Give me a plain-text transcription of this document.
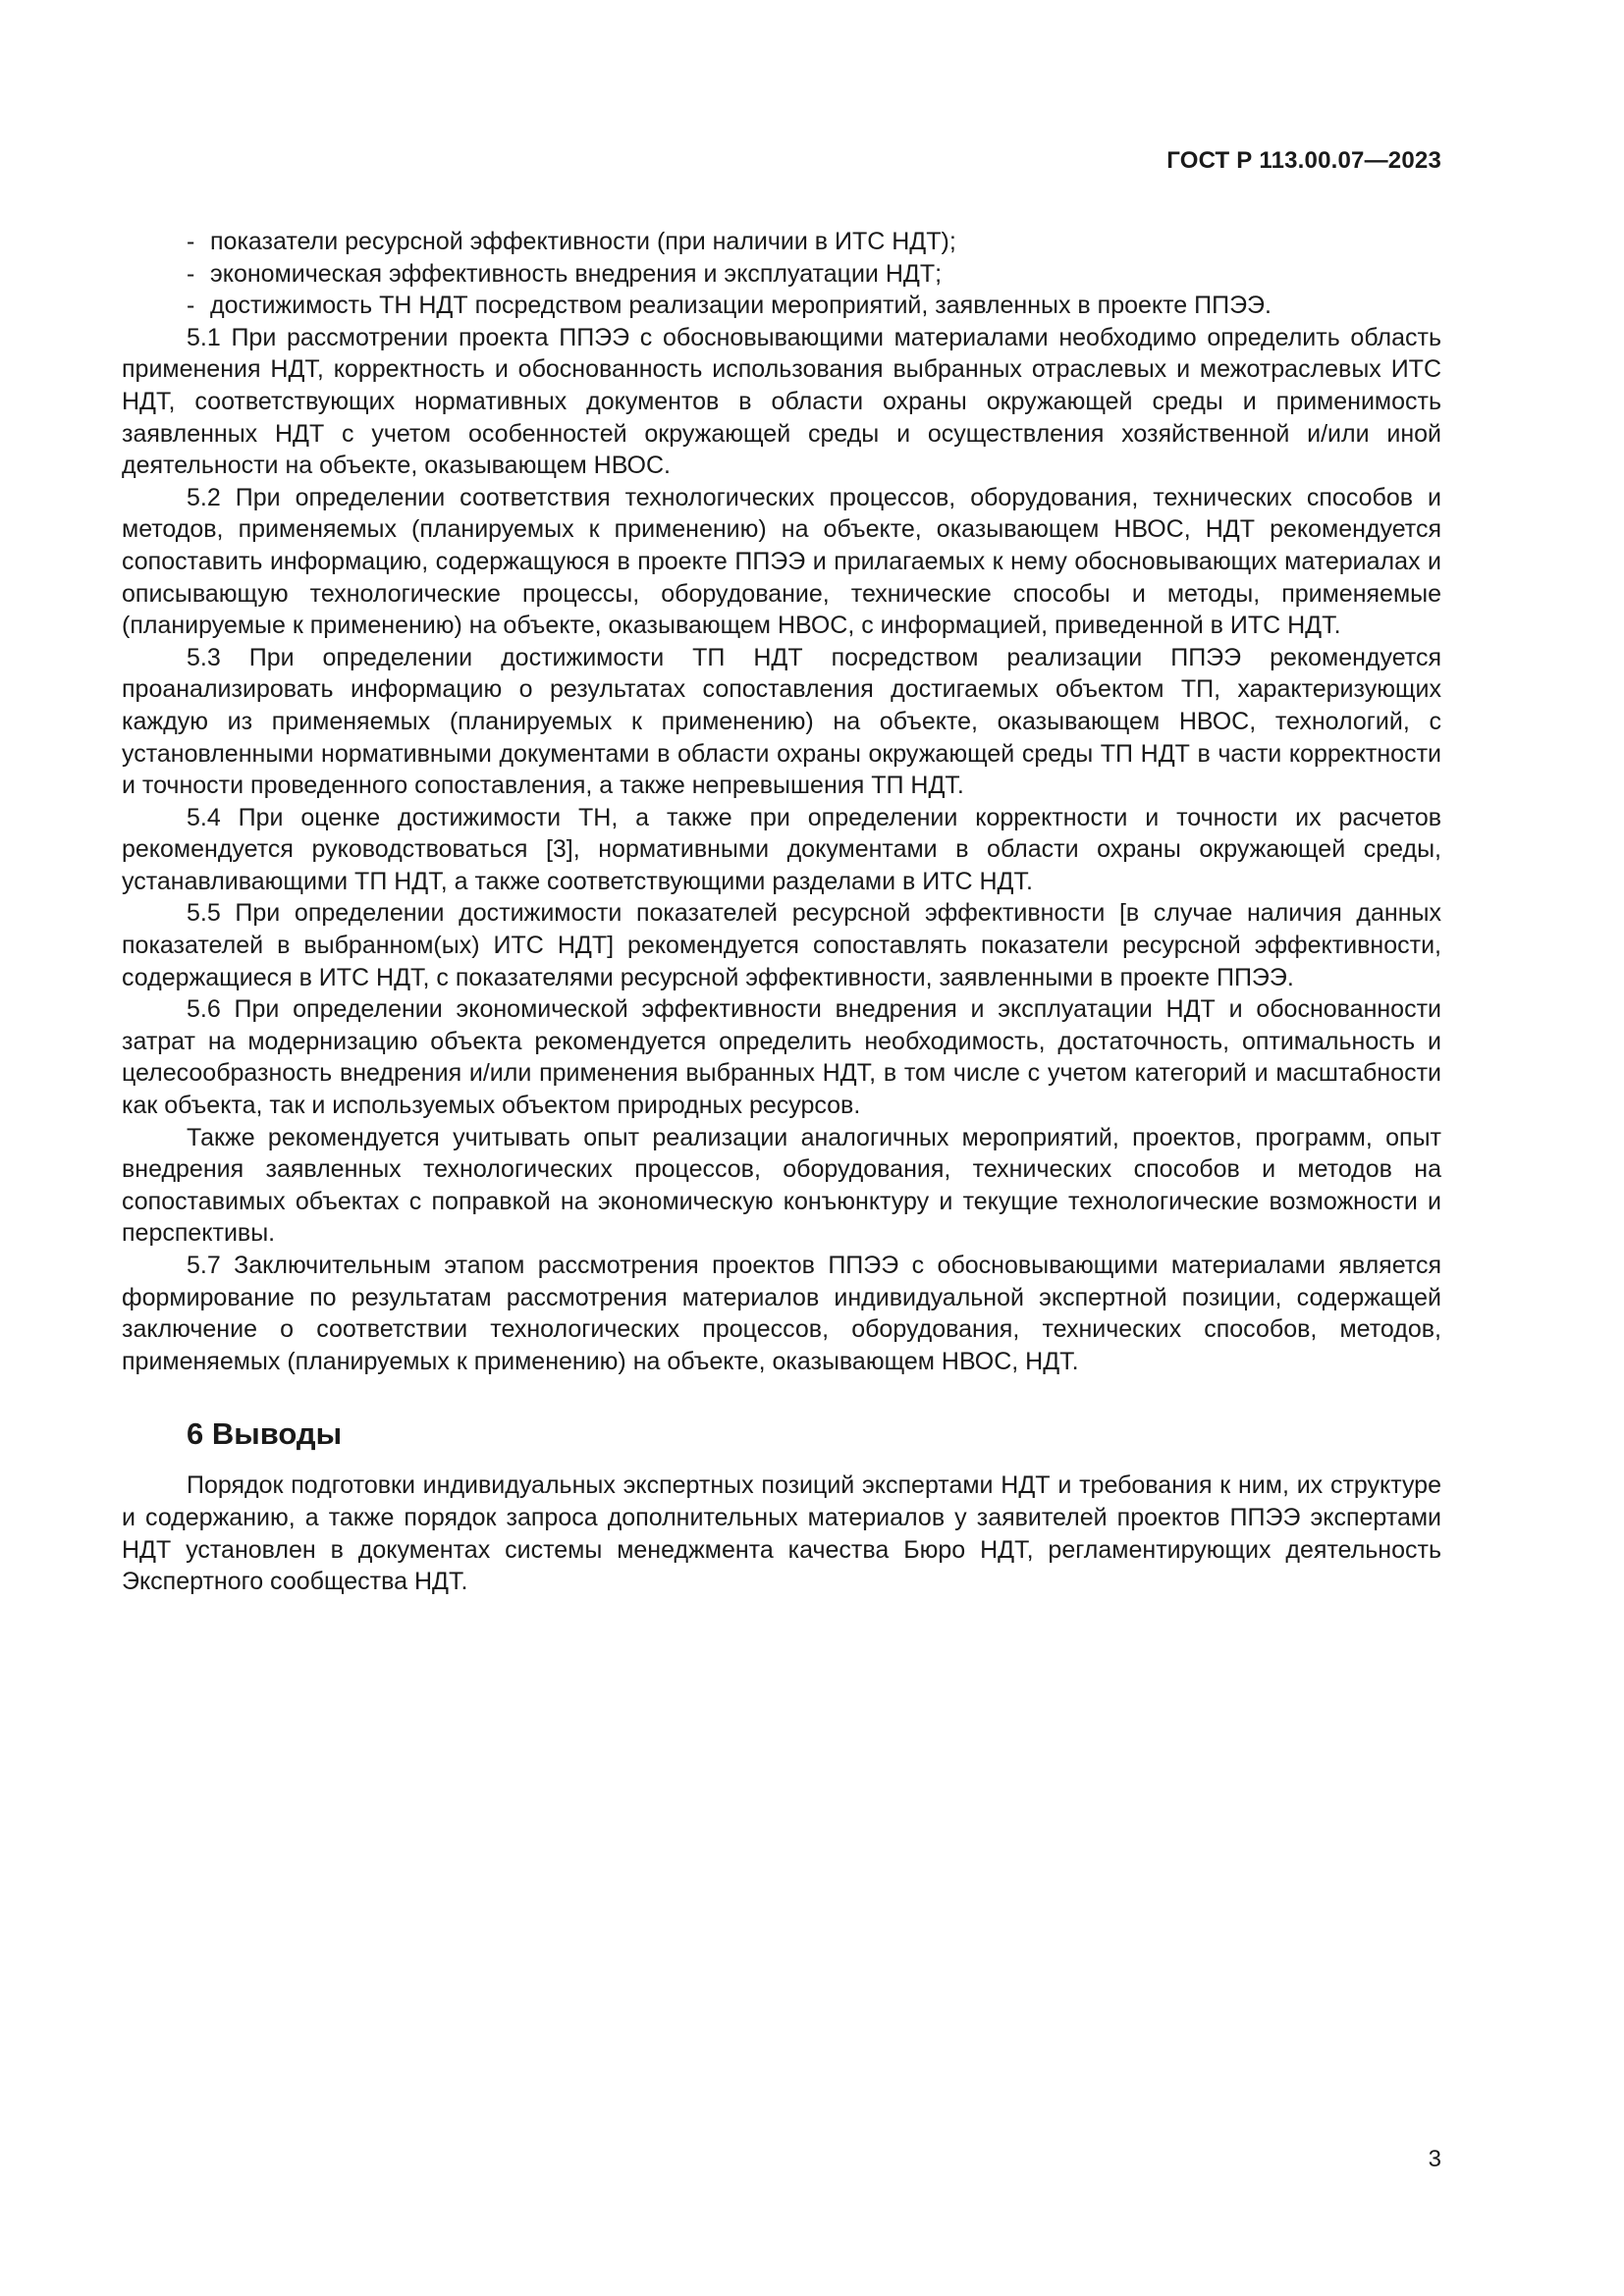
ГОСТ Р 113.00.07—2023
- показатели ресурсной эффективности (при наличии в ИТС НДТ);
- экономическая эффективность внедрения и эксплуатации НДТ;
- достижимость ТН НДТ посредством реализации мероприятий, заявленных в проекте ППЭЭ.

5.1 При рассмотрении проекта ППЭЭ с обосновывающими материалами необходимо определить область применения НДТ, корректность и обоснованность использования выбранных отраслевых и межотраслевых ИТС НДТ, соответствующих нормативных документов в области охраны окружающей среды и применимость заявленных НДТ с учетом особенностей окружающей среды и осуществления хозяйственной и/или иной деятельности на объекте, оказывающем НВОС.

5.2 При определении соответствия технологических процессов, оборудования, технических способов и методов, применяемых (планируемых к применению) на объекте, оказывающем НВОС, НДТ рекомендуется сопоставить информацию, содержащуюся в проекте ППЭЭ и прилагаемых к нему обосновывающих материалах и описывающую технологические процессы, оборудование, технические способы и методы, применяемые (планируемые к применению) на объекте, оказывающем НВОС, с информацией, приведенной в ИТС НДТ.

5.3 При определении достижимости ТП НДТ посредством реализации ППЭЭ рекомендуется проанализировать информацию о результатах сопоставления достигаемых объектом ТП, характеризующих каждую из применяемых (планируемых к применению) на объекте, оказывающем НВОС, технологий, с установленными нормативными документами в области охраны окружающей среды ТП НДТ в части корректности и точности проведенного сопоставления, а также непревышения ТП НДТ.

5.4 При оценке достижимости ТН, а также при определении корректности и точности их расчетов рекомендуется руководствоваться [3], нормативными документами в области охраны окружающей среды, устанавливающими ТП НДТ, а также соответствующими разделами в ИТС НДТ.

5.5 При определении достижимости показателей ресурсной эффективности [в случае наличия данных показателей в выбранном(ых) ИТС НДТ] рекомендуется сопоставлять показатели ресурсной эффективности, содержащиеся в ИТС НДТ, с показателями ресурсной эффективности, заявленными в проекте ППЭЭ.

5.6 При определении экономической эффективности внедрения и эксплуатации НДТ и обоснованности затрат на модернизацию объекта рекомендуется определить необходимость, достаточность, оптимальность и целесообразность внедрения и/или применения выбранных НДТ, в том числе с учетом категорий и масштабности как объекта, так и используемых объектом природных ресурсов.

Также рекомендуется учитывать опыт реализации аналогичных мероприятий, проектов, программ, опыт внедрения заявленных технологических процессов, оборудования, технических способов и методов на сопоставимых объектах с поправкой на экономическую конъюнктуру и текущие технологические возможности и перспективы.

5.7 Заключительным этапом рассмотрения проектов ППЭЭ с обосновывающими материалами является формирование по результатам рассмотрения материалов индивидуальной экспертной позиции, содержащей заключение о соответствии технологических процессов, оборудования, технических способов, методов, применяемых (планируемых к применению) на объекте, оказывающем НВОС, НДТ.

6 Выводы

Порядок подготовки индивидуальных экспертных позиций экспертами НДТ и требования к ним, их структуре и содержанию, а также порядок запроса дополнительных материалов у заявителей проектов ППЭЭ экспертами НДТ установлен в документах системы менеджмента качества Бюро НДТ, регламентирующих деятельность Экспертного сообщества НДТ.

3
